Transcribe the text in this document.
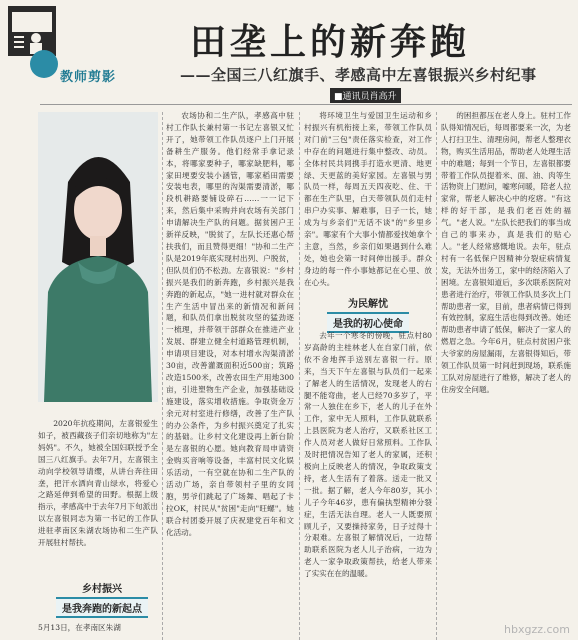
教师剪影
田垄上的新奔跑
——全国三八红旗手、孝感高中左喜银振兴乡村纪事
■通讯员肖高升

2020年抗疫期间，左喜银爱生如子，被西藏孩子们亲切地称为"左妈妈"。不久，她被全国妇联授予全国三八红旗手。去年7月，左喜银主动向学校领导请缨，从讲台奔往田垄，把汗水洒向青山绿水，将爱心之路延伸到希望的田野。根据上级指示，孝感高中于去年7月下旬派出以左喜银同志为第一书记的工作队进驻孝南区朱湖农场协和二生产队开展驻村帮扶。

乡村振兴
是我奔跑的新起点
5月13日，在孝南区朱湖

农场协和二生产队，孝感高中驻村工作队长兼村第一书记左喜银又忙开了，她带领工作队员逐户上门开展备耕生产服务。他们经常手拿记录本，将哪家要种子，哪家缺肥料，哪家田埂要安装小涵管，哪家稻田需要安装电表，哪里的沟渠需要清淤，哪段机耕路要铺设碎石……一一记下来，然后集中采购并向农场有关部门申请解决生产队的问题。据贫困户王新祥反映，"脱贫了，左队长还惠心帮扶我们，而且赞得更细！"协和二生产队是2019年底实现村出列、户脱贫，但队员们仍不松劲。左喜银说："乡村振兴是我们的新奔跑，乡村振兴是我奔跑的新起点，"她一进村就对群众在生产生活中冒出来的新情况和新问题，和队员们拿出脱贫攻坚的猛劲逐一梳理，并带领干部群众在推进产业发展、群建立健全村道路管理机制，申请项目建设，对本村增水沟渠清淤30亩，改善灌溉面积近500亩；筑路改造1500米，改善农田生产用地300亩，引进塑物生产企业，加强基础设施建设，落实增收措施。争取资金万余元对村室进行修缮，改善了生产队的办公条件，为乡村振兴奠定了扎实的基础。让乡村文化建设再上新台阶是左喜银的心愿。她向教育局申请资金购买音响等设备，丰富村民文化娱乐活动，一有空就在协和二生产队的活动广场，亲自带领村子里的女同胞，男爷们跳起了广场舞、唱起了卡拉OK，村民从"贫困"走向"旺螺"。她联合村团委开展了庆祝建党百年和文化活动。

将环境卫生与爱国卫生运动和乡村振兴有机衔接上来，带领工作队员对门前"三包"责任落实检查，对工作中存在的问题进行集中整改、动员。全体村民共同携手打造水更清、地更绿、天更蓝的美好家园。左喜银与男队员一样，每周五天四夜吃、住、干都在生产队里，白天带领队员们走村串户办实事、解难事，日子一长，她成为与乡亲们"无话不谈"的"乡里乡亲"。哪家有个大事小情都爱找她拿个主意，当然，乡亲们如果遇到什么难处，她也会第一时间伸出援手。群众身边的每一件小事她都记在心里、放在心头。

为民解忧
是我的初心使命

去年一个寒冬的傍晚，驻点村80岁高龄的主桂林老人在自家门前，依依不舍地挥手送别左喜银一行。原来，当天下午左喜银与队员们一起来了解老人的生活情况，发现老人的右腿不能弯曲，老人已经70多岁了，平常一人独住在乡下，老人的儿子在外工作，家中无人照料，工作队就联系上县医院为老人治疗，又联系社区工作人员对老人做好日常照料。工作队及时把情况告知了老人的家属，还积极向上反映老人的情况，争取政策支持，老人生活有了着落。送走一批又一批。据了解，老人今年80岁，其小儿子今年46岁，患有偏执型精神分裂症，生活无法自理。老人一人既要照顾儿子，又要操持家务，日子过得十分艰难。左喜银了解情况后，一边帮助联系医院为老人儿子治病，一边为老人一家争取政策帮扶，给老人带来了实实在在的温暖。

的困担都压在老人身上。驻村工作队得知情况后，每周都要来一次，为老人打扫卫生、清理房间，帮老人整理衣物，购买生活用品，帮助老人处理生活中的难题；每到一个节日，左喜银都要带着工作队员提着米、面、油、肉等生活物资上门慰问，嘘寒问暖，陪老人拉家常，帮老人解决心中的疙瘩。"有这样的好干部，是我们老百姓的福气。"老人说。"左队长把我们的事当成自己的事来办，真是我们的贴心人。"老人经常感慨地说。去年，驻点村有一名低保户因精神分裂症病情复发，无法外出务工，家中的经济陷入了困境。左喜银知道后，多次联系医院对患者进行治疗，带领工作队员多次上门帮助患者一家，目前，患者病情已得到有效控制，家庭生活也得到改善。她还帮助患者申请了低保，解决了一家人的燃眉之急。今年6月，驻点村贫困户张大爷家的房屋漏雨，左喜银得知后，带领工作队员第一时间赶到现场，联系施工队对房屋进行了维修，解决了老人的住房安全问题。

hbxgzz.com
